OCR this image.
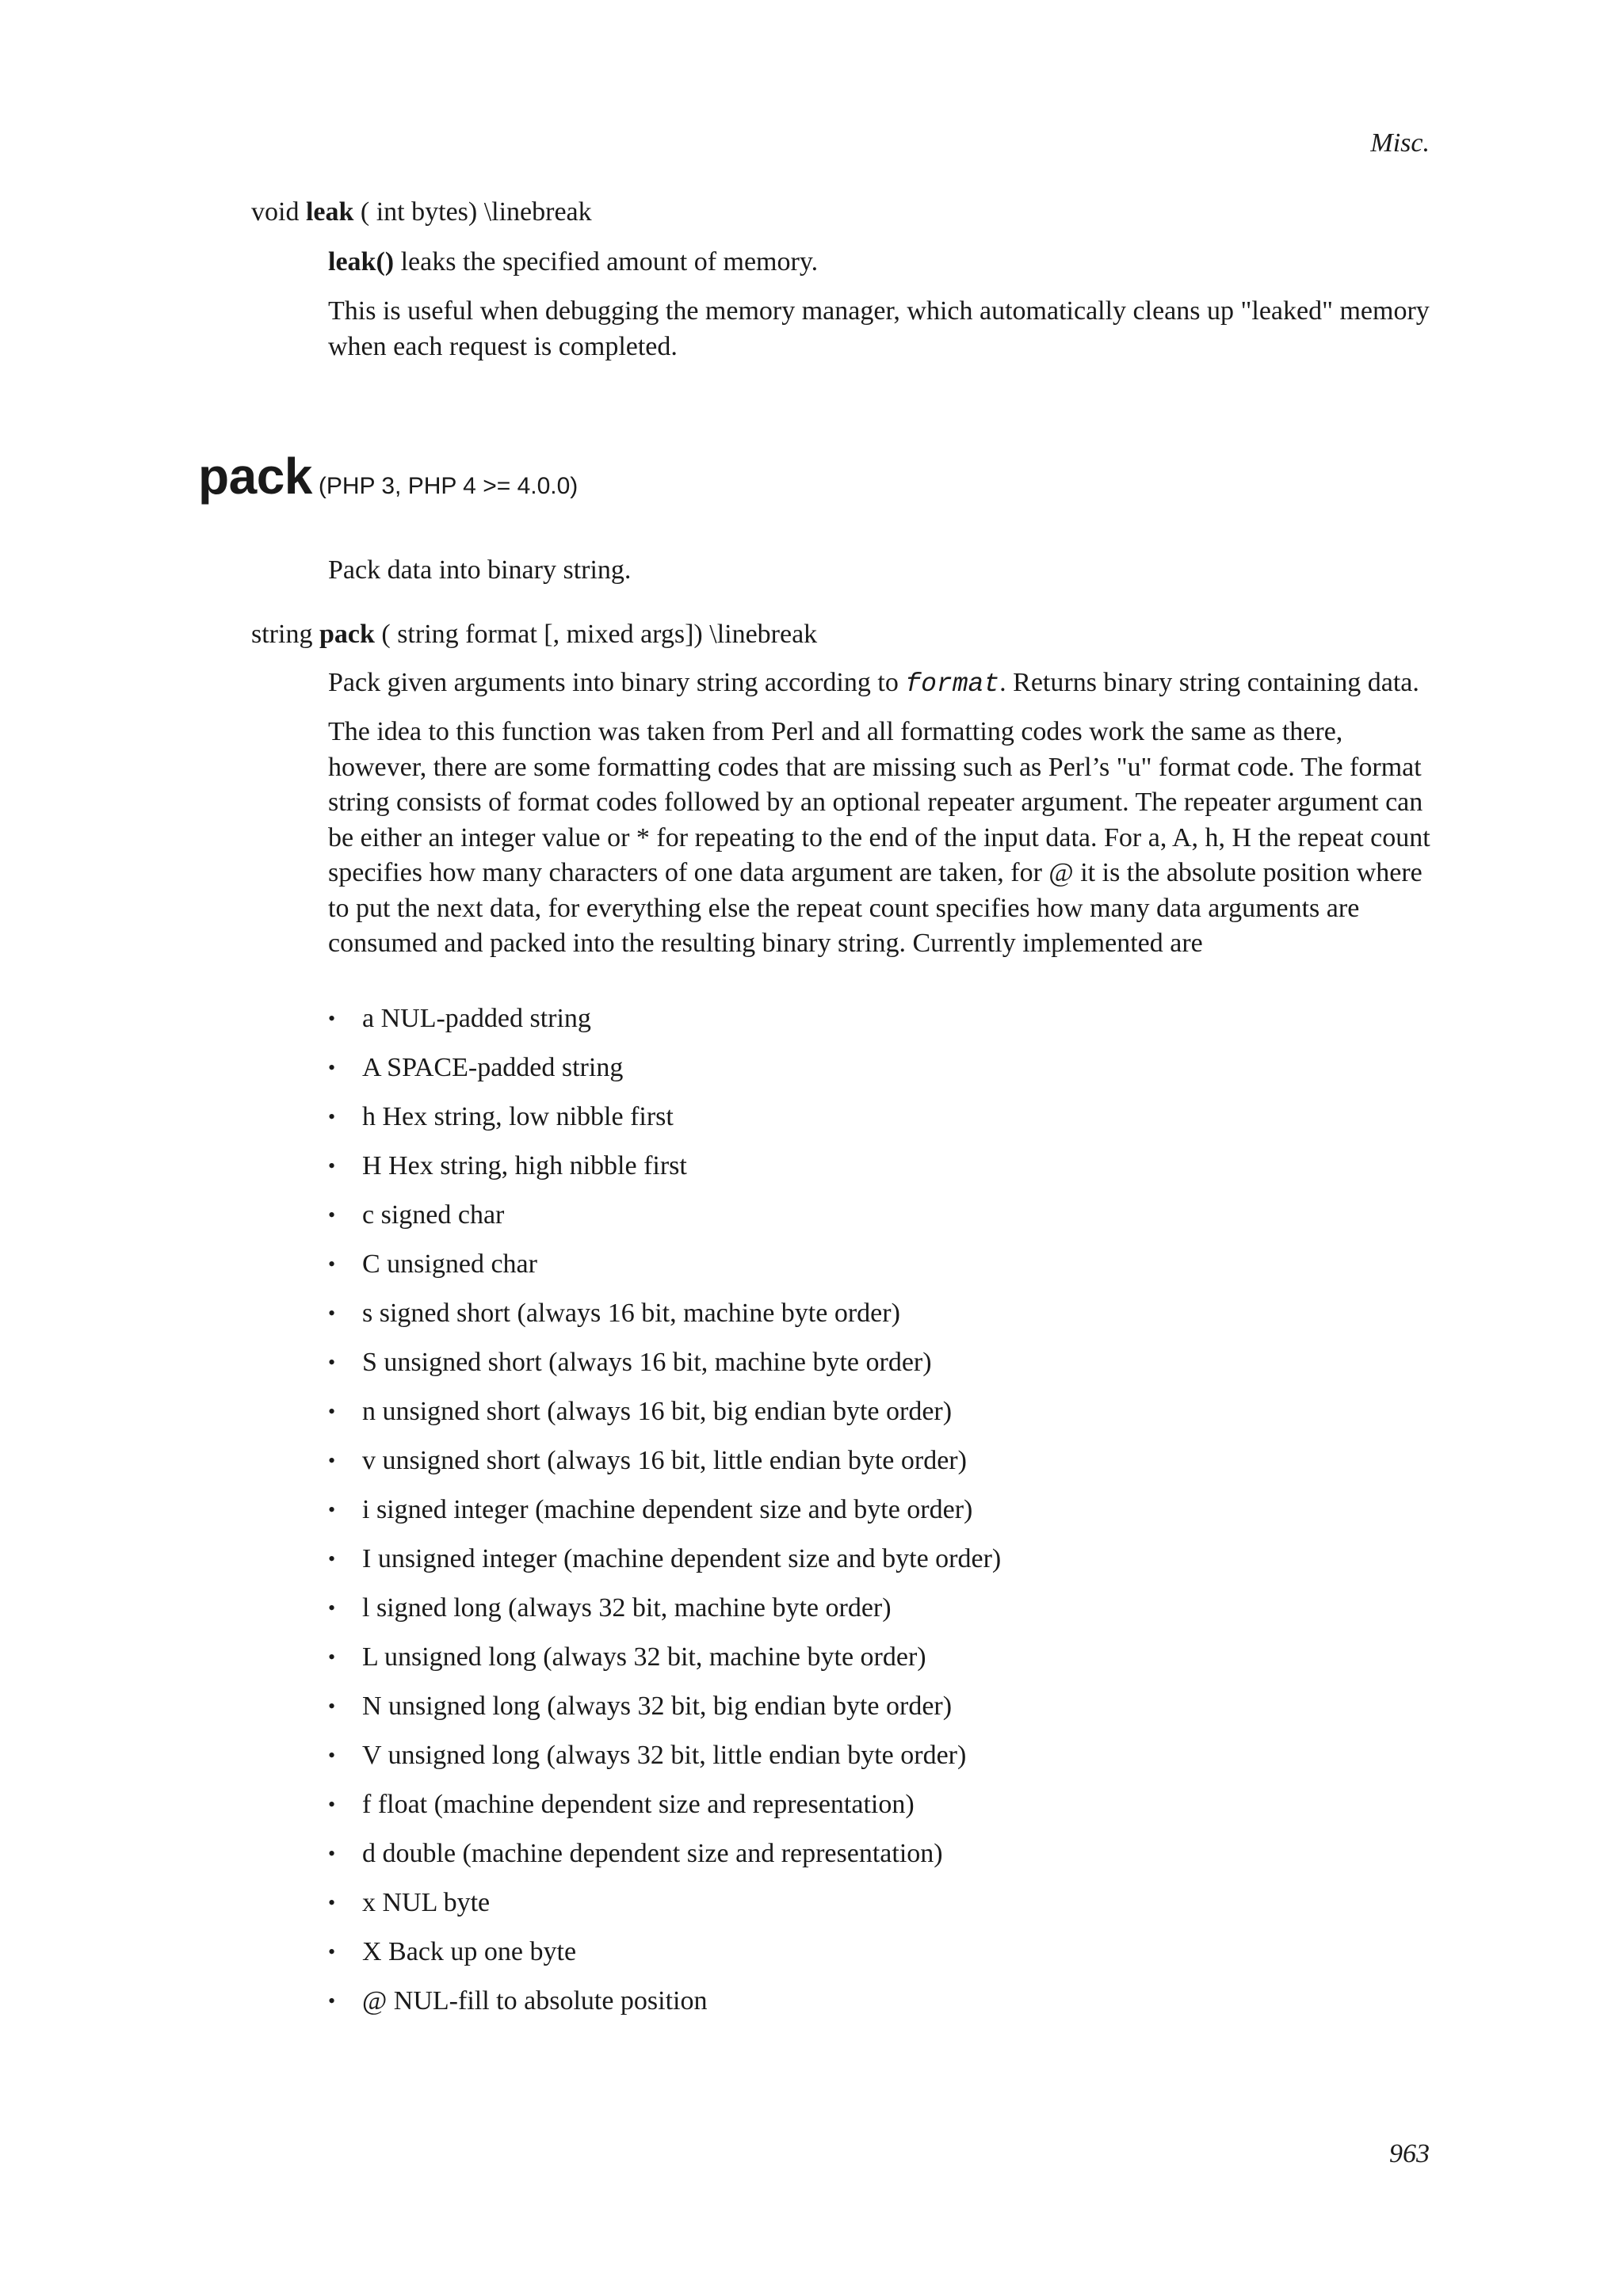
Misc.
void leak ( int bytes) \linebreak
leak() leaks the specified amount of memory.
This is useful when debugging the memory manager, which automatically cleans up "leaked" memory when each request is completed.
pack (PHP 3, PHP 4 >= 4.0.0)
Pack data into binary string.
string pack ( string format [, mixed args]) \linebreak
Pack given arguments into binary string according to format. Returns binary string containing data.
The idea to this function was taken from Perl and all formatting codes work the same as there, however, there are some formatting codes that are missing such as Perl’s "u" format code. The format string consists of format codes followed by an optional repeater argument. The repeater argument can be either an integer value or * for repeating to the end of the input data. For a, A, h, H the repeat count specifies how many characters of one data argument are taken, for @ it is the absolute position where to put the next data, for everything else the repeat count specifies how many data arguments are consumed and packed into the resulting binary string. Currently implemented are
• a NUL-padded string
• A SPACE-padded string
• h Hex string, low nibble first
• H Hex string, high nibble first
• c signed char
• C unsigned char
• s signed short (always 16 bit, machine byte order)
• S unsigned short (always 16 bit, machine byte order)
• n unsigned short (always 16 bit, big endian byte order)
• v unsigned short (always 16 bit, little endian byte order)
• i signed integer (machine dependent size and byte order)
• I unsigned integer (machine dependent size and byte order)
• l signed long (always 32 bit, machine byte order)
• L unsigned long (always 32 bit, machine byte order)
• N unsigned long (always 32 bit, big endian byte order)
• V unsigned long (always 32 bit, little endian byte order)
• f float (machine dependent size and representation)
• d double (machine dependent size and representation)
• x NUL byte
• X Back up one byte
• @ NUL-fill to absolute position
963
